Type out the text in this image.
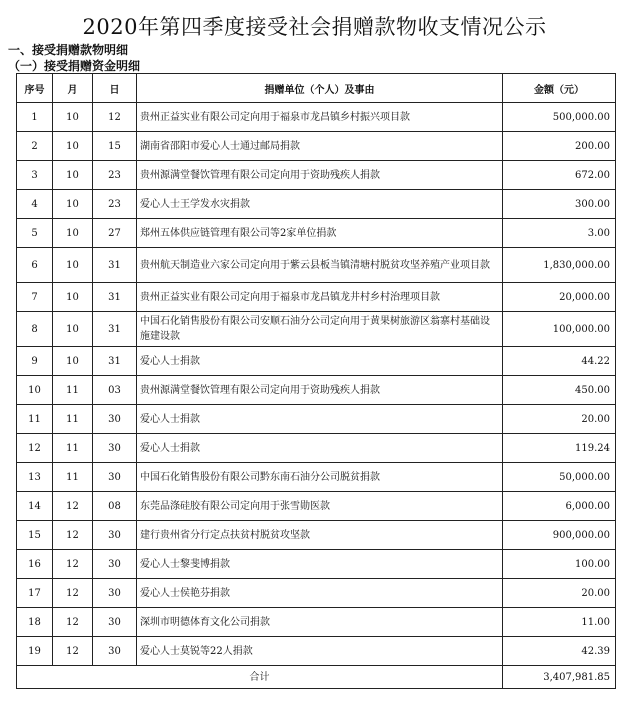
2020年第四季度接受社会捐赠款物收支情况公示
一、接受捐赠款物明细
（一）接受捐赠资金明细
序号	月	日	捐赠单位（个人）及事由	金额（元）
1	10	12	贵州正益实业有限公司定向用于福泉市龙昌镇乡村振兴项目款	500,000.00
2	10	15	湖南省邵阳市爱心人士通过邮局捐款	200.00
3	10	23	贵州源满堂餐饮管理有限公司定向用于资助残疾人捐款	672.00
4	10	23	爱心人士王学发水灾捐款	300.00
5	10	27	郑州五体供应链管理有限公司等2家单位捐款	3.00
6	10	31	贵州航天制造业六家公司定向用于紫云县板当镇清塘村脱贫攻坚养殖产业项目款	1,830,000.00
7	10	31	贵州正益实业有限公司定向用于福泉市龙昌镇龙井村乡村治理项目款	20,000.00
8	10	31	中国石化销售股份有限公司安顺石油分公司定向用于黄果树旅游区翁寨村基础设施建设款	100,000.00
9	10	31	爱心人士捐款	44.22
10	11	03	贵州源满堂餐饮管理有限公司定向用于资助残疾人捐款	450.00
11	11	30	爱心人士捐款	20.00
12	11	30	爱心人士捐款	119.24
13	11	30	中国石化销售股份有限公司黔东南石油分公司脱贫捐款	50,000.00
14	12	08	东莞品涤硅胶有限公司定向用于张雪勋医款	6,000.00
15	12	30	建行贵州省分行定点扶贫村脱贫攻坚款	900,000.00
16	12	30	爱心人士黎斐博捐款	100.00
17	12	30	爱心人士侯艳芬捐款	20.00
18	12	30	深圳市明德体育文化公司捐款	11.00
19	12	30	爱心人士莫锐等22人捐款	42.39
合计				3,407,981.85
